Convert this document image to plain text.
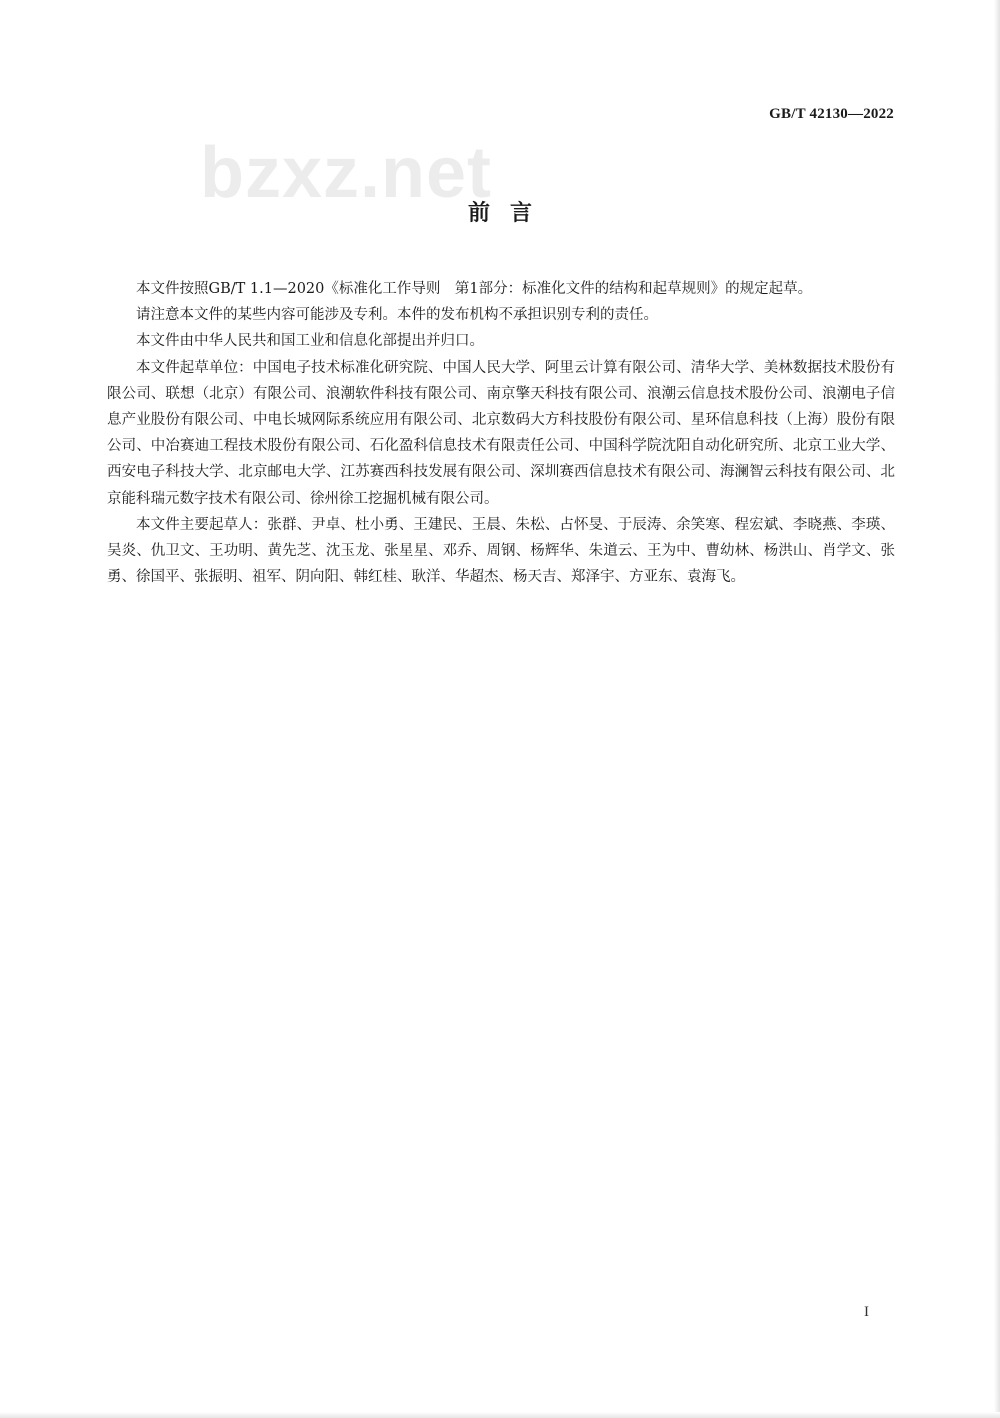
GB/T 42130—2022
bzxz.net
前言

本文件按照GB/T 1.1—2020《标准化工作导则　第1部分：标准化文件的结构和起草规则》的规定起草。

请注意本文件的某些内容可能涉及专利。本件的发布机构不承担识别专利的责任。

本文件由中华人民共和国工业和信息化部提出并归口。

本文件起草单位：中国电子技术标准化研究院、中国人民大学、阿里云计算有限公司、清华大学、美林数据技术股份有限公司、联想（北京）有限公司、浪潮软件科技有限公司、南京擎天科技有限公司、浪潮云信息技术股份公司、浪潮电子信息产业股份有限公司、中电长城网际系统应用有限公司、北京数码大方科技股份有限公司、星环信息科技（上海）股份有限公司、中冶赛迪工程技术股份有限公司、石化盈科信息技术有限责任公司、中国科学院沈阳自动化研究所、北京工业大学、西安电子科技大学、北京邮电大学、江苏赛西科技发展有限公司、深圳赛西信息技术有限公司、海澜智云科技有限公司、北京能科瑞元数字技术有限公司、徐州徐工挖掘机械有限公司。

本文件主要起草人：张群、尹卓、杜小勇、王建民、王晨、朱松、占怀旻、于辰涛、余笑寒、程宏斌、李晓燕、李瑛、吴炎、仇卫文、王功明、黄先芝、沈玉龙、张星星、邓乔、周钢、杨辉华、朱道云、王为中、曹幼林、杨洪山、肖学文、张勇、徐国平、张振明、祖军、阴向阳、韩红桂、耿洋、华超杰、杨天吉、郑泽宇、方亚东、袁海飞。

I
